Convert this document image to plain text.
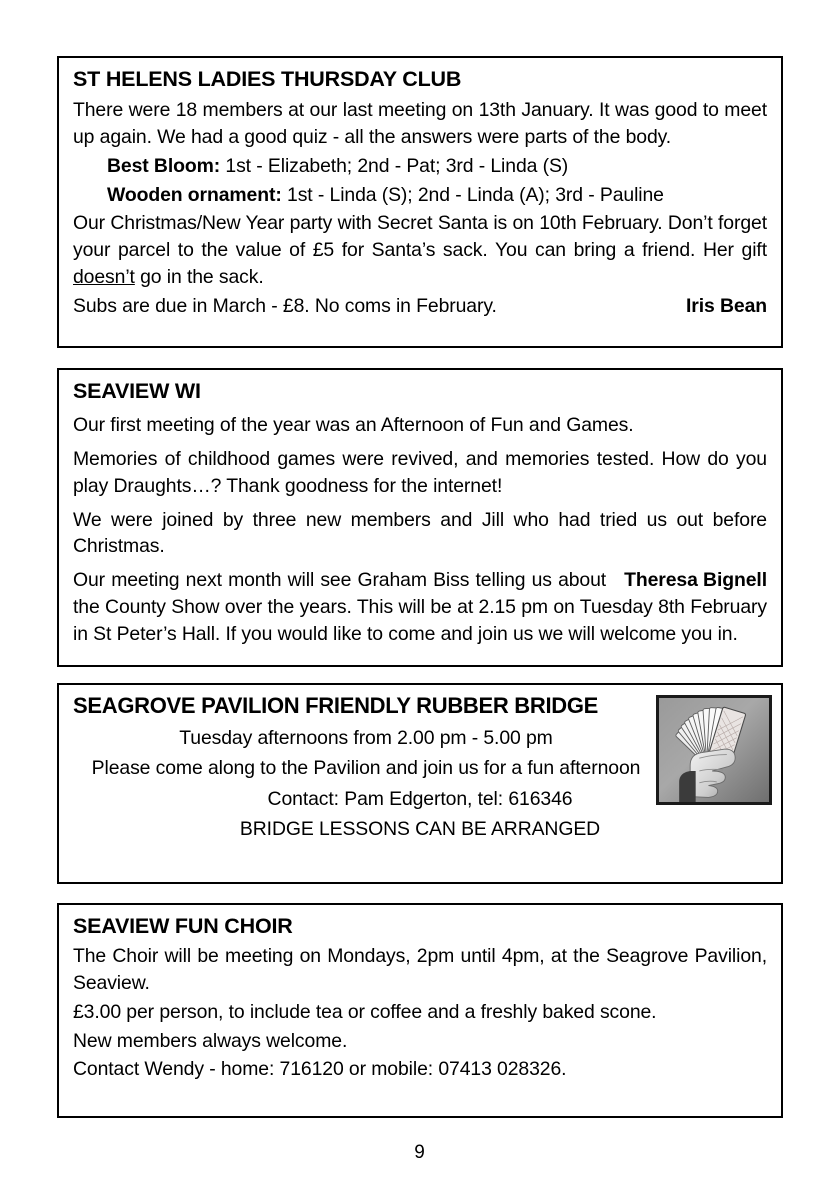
ST HELENS LADIES THURSDAY CLUB

There were 18 members at our last meeting on 13th January. It was good to meet up again. We had a good quiz - all the answers were parts of the body.

Best Bloom: 1st - Elizabeth; 2nd - Pat; 3rd - Linda (S)

Wooden ornament: 1st - Linda (S); 2nd - Linda (A); 3rd - Pauline

Our Christmas/New Year party with Secret Santa is on 10th February. Don’t forget your parcel to the value of £5 for Santa’s sack. You can bring a friend. Her gift doesn’t go in the sack.

Iris Bean
Subs are due in March - £8. No coms in February.

SEAVIEW WI

Our first meeting of the year was an Afternoon of Fun and Games.

Memories of childhood games were revived, and memories tested. How do you play Draughts…? Thank goodness for the internet!

We were joined by three new members and Jill who had tried us out before Christmas.

Theresa Bignell
Our meeting next month will see Graham Biss telling us about the County Show over the years. This will be at 2.15 pm on Tuesday 8th February in St Peter’s Hall. If you would like to come and join us we will welcome you in.

SEAGROVE PAVILION FRIENDLY RUBBER BRIDGE

Tuesday afternoons from 2.00 pm - 5.00 pm

Please come along to the Pavilion and join us for a fun afternoon

Contact: Pam Edgerton, tel: 616346

BRIDGE LESSONS CAN BE ARRANGED

SEAVIEW FUN CHOIR

The Choir will be meeting on Mondays, 2pm until 4pm, at the Seagrove Pavilion, Seaview.

£3.00 per person, to include tea or coffee and a freshly baked scone.

New members always welcome.

Contact Wendy - home: 716120 or mobile: 07413 028326.

9
